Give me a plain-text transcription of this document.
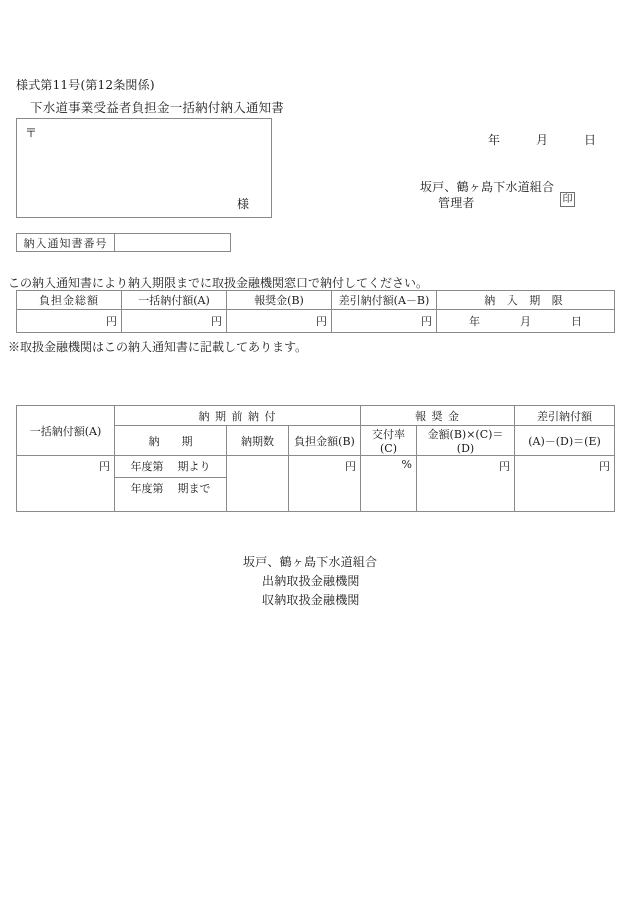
様式第11号(第12条関係)
下水道事業受益者負担金一括納付納入通知書
〒
様
年	月	日
坂戸、鶴ヶ島下水道組合
管理者	印
納入通知書番号	
この納入通知書により納入期限までに取扱金融機関窓口で納付してください。
負担金総額	一括納付額(A)	報奨金(B)	差引納付額(A－B)	納 入 期 限
円	円	円	円	年 月 日
※取扱金融機関はこの納入通知書に記載してあります。
一括納付額(A)	納 期 前 納 付			報 奨 金		差引納付額
	納　　期	納期数	負担金額(B)	交付率(C)	金額(B)×(C)＝(D)	(A)－(D)＝(E)
円	年度第 期より		円	%	円	円
	年度第 期まで					
坂戸、鶴ヶ島下水道組合
出納取扱金融機関
収納取扱金融機関
